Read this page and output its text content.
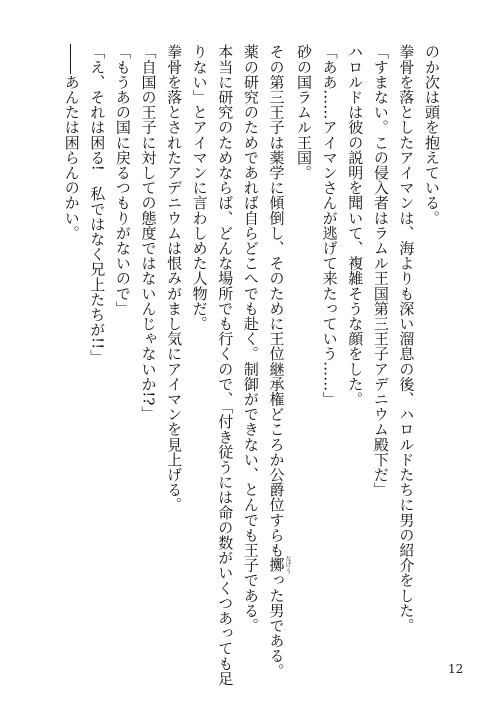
のか次は頭を抱えている。
拳骨を落としたアイマンは、海よりも深い溜息の後、ハロルドたちに男の紹介をした。
「すまない。この侵入者はラムル王国第三王子アデニウム殿下だ」
ハロルドは彼の説明を聞いて、複雑そうな顔をした。
「ああ……アイマンさんが逃げて来たっていう……」
砂の国ラムル王国。
その第三王子は薬学に傾倒し、そのために王位継承権どころか公爵位すらも擲なげうった男である。
薬の研究のためであれば自らどこへでも赴く。制御ができない、とんでも王子である。
本当に研究のためならば、どんな場所でも行くので、「付き従うには命の数がいくつあっても足
りない」とアイマンに言わしめた人物だ。
拳骨を落とされたアデニウムは恨みがまし気にアイマンを見上げる。
「自国の王子に対しての態度ではないんじゃないか!?」
「もうあの国に戻るつもりがないので」
「え、それは困る!　私ではなく兄上たちが!!」
――あんたは困らんのかい。
12
